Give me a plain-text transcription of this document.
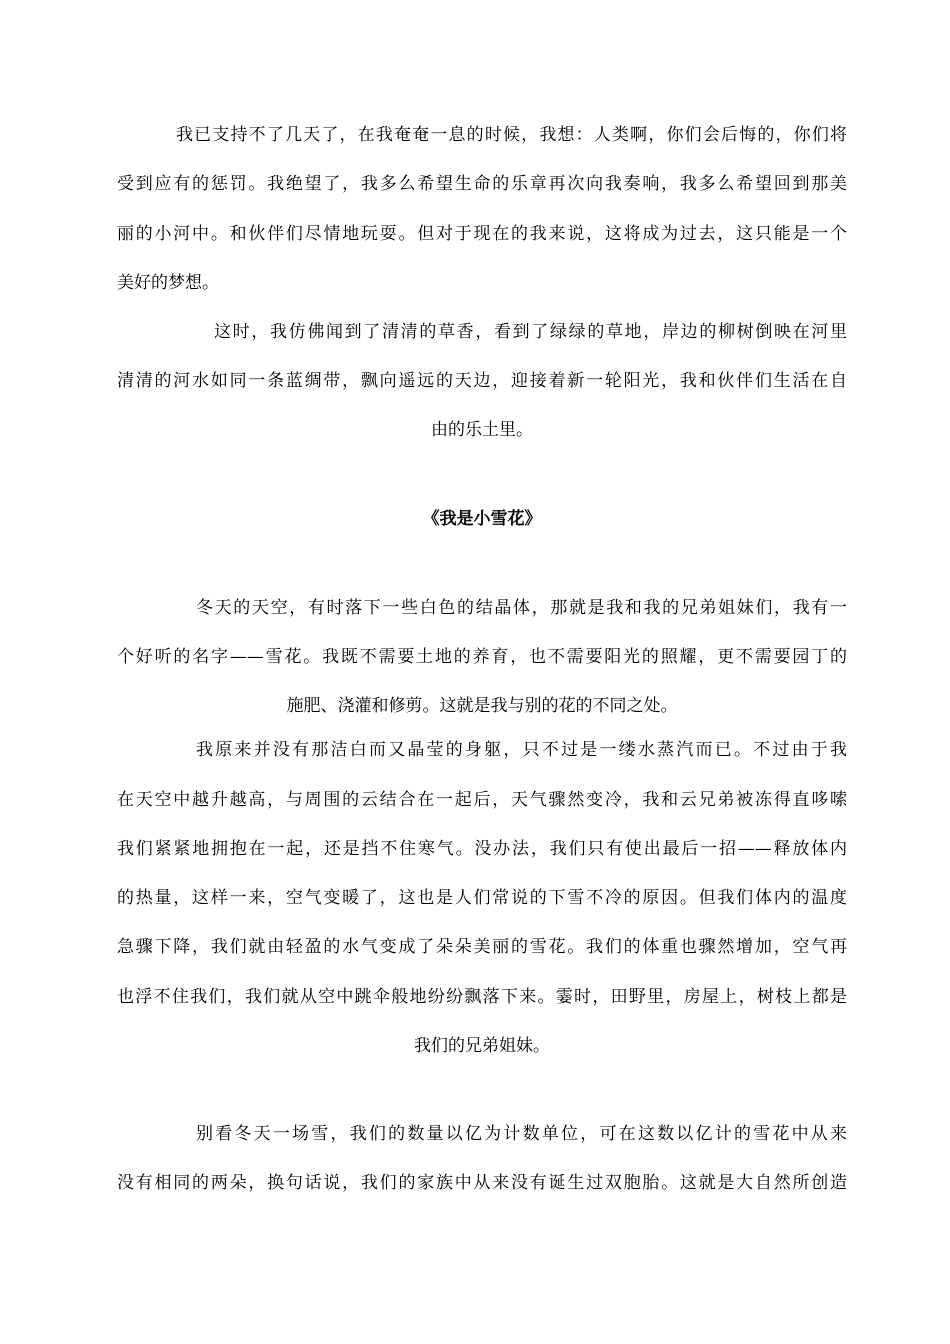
我已支持不了几天了，在我奄奄一息的时候，我想：人类啊，你们会后悔的，你们将
受到应有的惩罚。我绝望了，我多么希望生命的乐章再次向我奏响，我多么希望回到那美
丽的小河中。和伙伴们尽情地玩耍。但对于现在的我来说，这将成为过去，这只能是一个
美好的梦想。
这时，我仿佛闻到了清清的草香，看到了绿绿的草地，岸边的柳树倒映在河里
清清的河水如同一条蓝绸带，飘向遥远的天边，迎接着新一轮阳光，我和伙伴们生活在自
由的乐土里。
《我是小雪花》
冬天的天空，有时落下一些白色的结晶体，那就是我和我的兄弟姐妹们，我有一
个好听的名字——雪花。我既不需要土地的养育，也不需要阳光的照耀，更不需要园丁的
施肥、浇灌和修剪。这就是我与别的花的不同之处。
我原来并没有那洁白而又晶莹的身躯，只不过是一缕水蒸汽而已。不过由于我
在天空中越升越高，与周围的云结合在一起后，天气骤然变冷，我和云兄弟被冻得直哆嗦
我们紧紧地拥抱在一起，还是挡不住寒气。没办法，我们只有使出最后一招——释放体内
的热量，这样一来，空气变暖了，这也是人们常说的下雪不冷的原因。但我们体内的温度
急骤下降，我们就由轻盈的水气变成了朵朵美丽的雪花。我们的体重也骤然增加，空气再
也浮不住我们，我们就从空中跳伞般地纷纷飘落下来。霎时，田野里，房屋上，树枝上都是
我们的兄弟姐妹。
别看冬天一场雪，我们的数量以亿为计数单位，可在这数以亿计的雪花中从来
没有相同的两朵，换句话说，我们的家族中从来没有诞生过双胞胎。这就是大自然所创造
